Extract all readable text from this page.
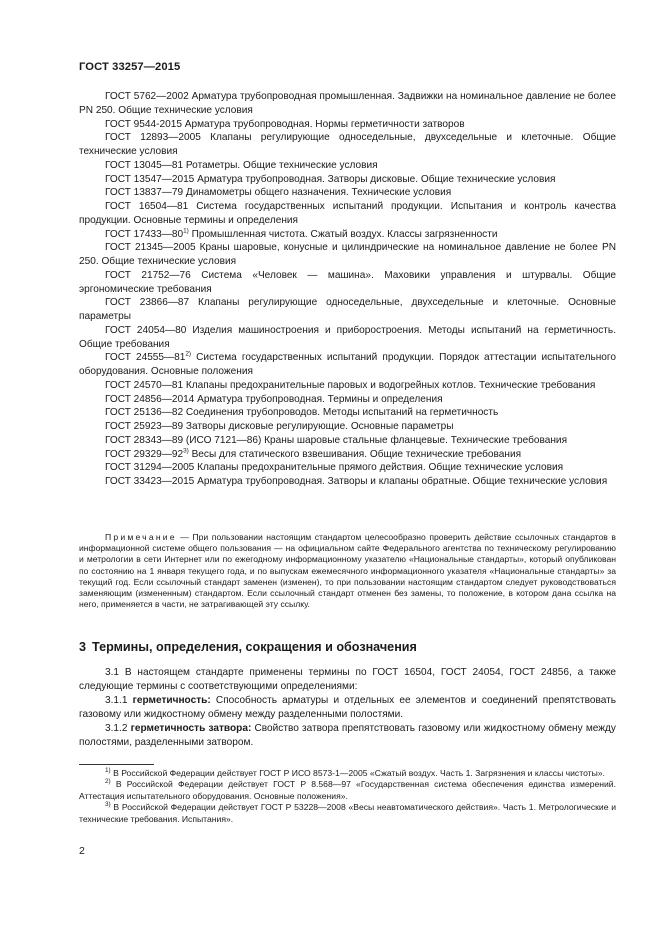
ГОСТ 33257—2015

ГОСТ 5762—2002 Арматура трубопроводная промышленная. Задвижки на номинальное давление не более PN 250. Общие технические условия

ГОСТ 9544-2015 Арматура трубопроводная. Нормы герметичности затворов

ГОСТ 12893—2005 Клапаны регулирующие односедельные, двухседельные и клеточные. Общие технические условия

ГОСТ 13045—81 Ротаметры. Общие технические условия

ГОСТ 13547—2015 Арматура трубопроводная. Затворы дисковые. Общие технические условия

ГОСТ 13837—79 Динамометры общего назначения. Технические условия

ГОСТ 16504—81 Система государственных испытаний продукции. Испытания и контроль качества продукции. Основные термины и определения

ГОСТ 17433—80$^{1)}$ Промышленная чистота. Сжатый воздух. Классы загрязненности

ГОСТ 21345—2005 Краны шаровые, конусные и цилиндрические на номинальное давление не более PN 250. Общие технические условия

ГОСТ 21752—76 Система «Человек — машина». Маховики управления и штурвалы. Общие эргономические требования

ГОСТ 23866—87 Клапаны регулирующие односедельные, двухседельные и клеточные. Основные параметры

ГОСТ 24054—80 Изделия машиностроения и приборостроения. Методы испытаний на герметичность. Общие требования

ГОСТ 24555—81$^{2)}$ Система государственных испытаний продукции. Порядок аттестации испытательного оборудования. Основные положения

ГОСТ 24570—81 Клапаны предохранительные паровых и водогрейных котлов. Технические требования

ГОСТ 24856—2014 Арматура трубопроводная. Термины и определения

ГОСТ 25136—82 Соединения трубопроводов. Методы испытаний на герметичность

ГОСТ 25923—89 Затворы дисковые регулирующие. Основные параметры

ГОСТ 28343—89 (ИСО 7121—86) Краны шаровые стальные фланцевые. Технические требования

ГОСТ 29329—92$^{3)}$ Весы для статического взвешивания. Общие технические требования

ГОСТ 31294—2005 Клапаны предохранительные прямого действия. Общие технические условия

ГОСТ 33423—2015 Арматура трубопроводная. Затворы и клапаны обратные. Общие технические условия

Примечание — При пользовании настоящим стандартом целесообразно проверить действие ссылочных стандартов в информационной системе общего пользования — на официальном сайте Федерального агентства по техническому регулированию и метрологии в сети Интернет или по ежегодному информационному указателю «Национальные стандарты», который опубликован по состоянию на 1 января текущего года, и по выпускам ежемесячного информационного указателя «Национальные стандарты» за текущий год. Если ссылочный стандарт заменен (изменен), то при пользовании настоящим стандартом следует руководствоваться заменяющим (измененным) стандартом. Если ссылочный стандарт отменен без замены, то положение, в котором дана ссылка на него, применяется в части, не затрагивающей эту ссылку.

3 Термины, определения, сокращения и обозначения

3.1 В настоящем стандарте применены термины по ГОСТ 16504, ГОСТ 24054, ГОСТ 24856, а также следующие термины с соответствующими определениями:

3.1.1 герметичность: Способность арматуры и отдельных ее элементов и соединений препятствовать газовому или жидкостному обмену между разделенными полостями.

3.1.2 герметичность затвора: Свойство затвора препятствовать газовому или жидкостному обмену между полостями, разделенными затвором.

$^{1)}$ В Российской Федерации действует ГОСТ Р ИСО 8573-1—2005 «Сжатый воздух. Часть 1. Загрязнения и классы чистоты».

$^{2)}$ В Российской Федерации действует ГОСТ Р 8.568—97 «Государственная система обеспечения единства измерений. Аттестация испытательного оборудования. Основные положения».

$^{3)}$ В Российской Федерации действует ГОСТ Р 53228—2008 «Весы неавтоматического действия». Часть 1. Метрологические и технические требования. Испытания».

2
